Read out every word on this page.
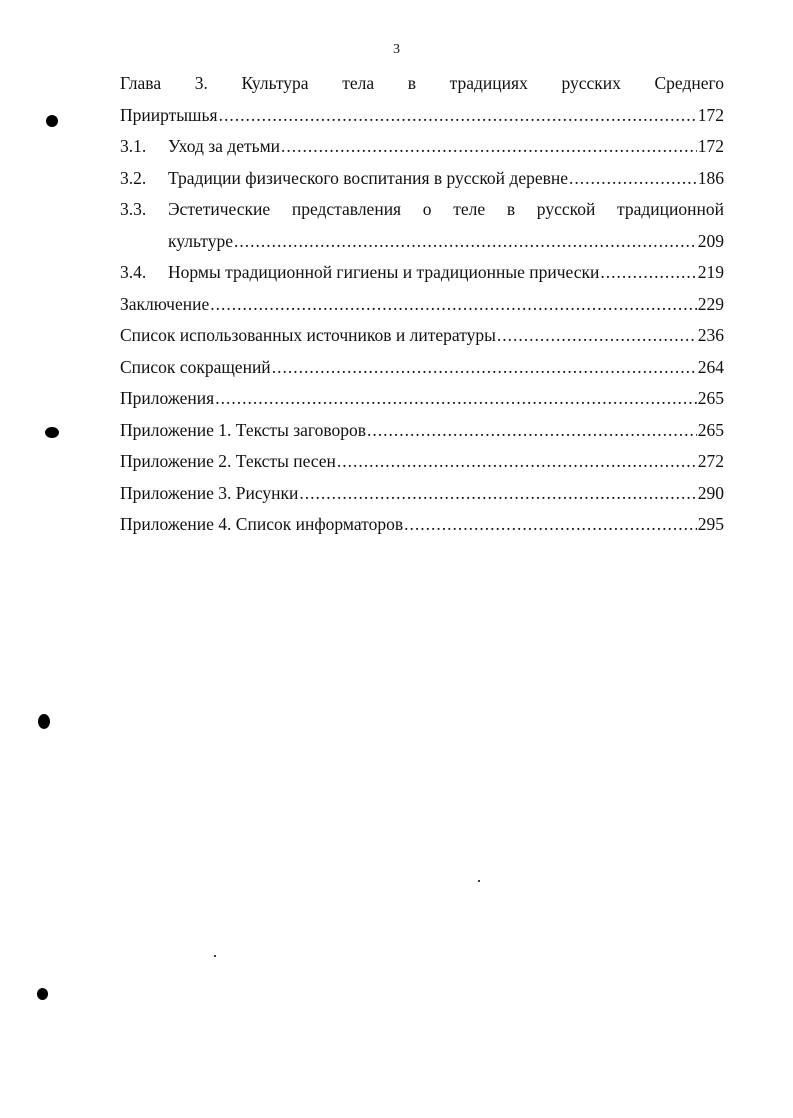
3
Глава 3. Культура тела в традициях русских Среднего
Прииртышья .....	172
3.1.	Уход за детьми .....	172
3.2.	Традиции физического воспитания в русской деревне .....	186
3.3.	Эстетические представления о теле в русской традиционной
культуре .....	209
3.4.	Нормы традиционной гигиены и традиционные прически .....	219
Заключение .....	229
Список использованных источников и литературы .....	236
Список сокращений .....	264
Приложения .....	265
Приложение 1. Тексты заговоров .....	265
Приложение 2. Тексты песен .....	272
Приложение 3. Рисунки .....	290
Приложение 4. Список информаторов .....	295
